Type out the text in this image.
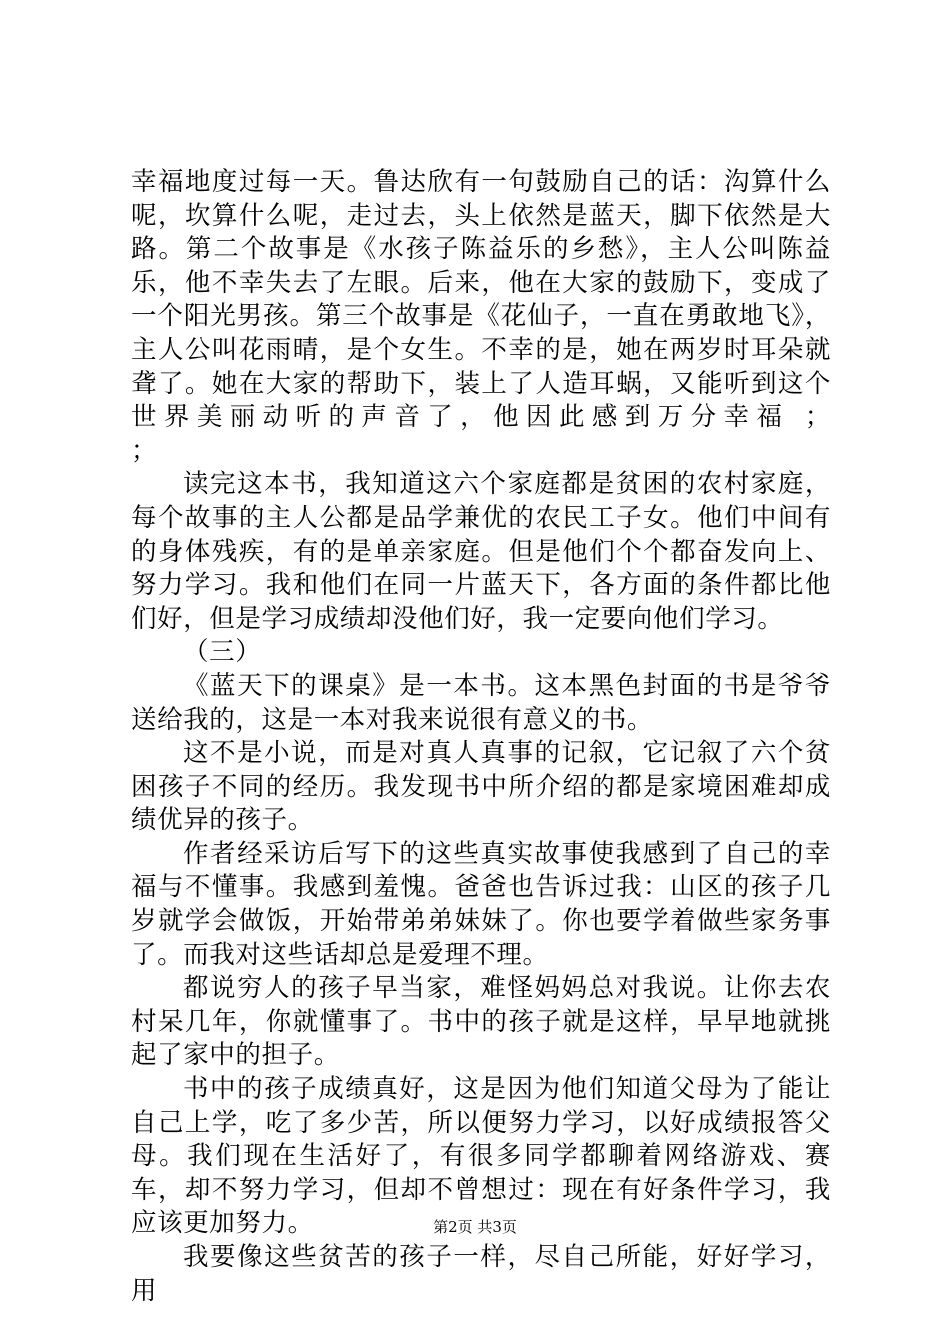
幸福地度过每一天。鲁达欣有一句鼓励自己的话：沟算什么呢，坎算什么呢，走过去，头上依然是蓝天，脚下依然是大路。第二个故事是《水孩子陈益乐的乡愁》，主人公叫陈益乐，他不幸失去了左眼。后来，他在大家的鼓励下，变成了一个阳光男孩。第三个故事是《花仙子，一直在勇敢地飞》，主人公叫花雨晴，是个女生。不幸的是，她在两岁时耳朵就聋了。她在大家的帮助下，装上了人造耳蜗，又能听到这个世界美丽动听的声音了，他因此感到万分幸福 ；

；

读完这本书，我知道这六个家庭都是贫困的农村家庭，每个故事的主人公都是品学兼优的农民工子女。他们中间有的身体残疾，有的是单亲家庭。但是他们个个都奋发向上、努力学习。我和他们在同一片蓝天下，各方面的条件都比他们好，但是学习成绩却没他们好，我一定要向他们学习。

（三）

《蓝天下的课桌》是一本书。这本黑色封面的书是爷爷送给我的，这是一本对我来说很有意义的书。

这不是小说，而是对真人真事的记叙，它记叙了六个贫困孩子不同的经历。我发现书中所介绍的都是家境困难却成绩优异的孩子。

作者经采访后写下的这些真实故事使我感到了自己的幸福与不懂事。我感到羞愧。爸爸也告诉过我：山区的孩子几岁就学会做饭，开始带弟弟妹妹了。你也要学着做些家务事了。而我对这些话却总是爱理不理。

都说穷人的孩子早当家，难怪妈妈总对我说。让你去农村呆几年，你就懂事了。书中的孩子就是这样，早早地就挑起了家中的担子。

书中的孩子成绩真好，这是因为他们知道父母为了能让自己上学，吃了多少苦，所以便努力学习，以好成绩报答父母。我们现在生活好了，有很多同学都聊着网络游戏、赛车，却不努力学习，但却不曾想过：现在有好条件学习，我应该更加努力。

我要像这些贫苦的孩子一样，尽自己所能，好好学习，用

第2页 共3页
